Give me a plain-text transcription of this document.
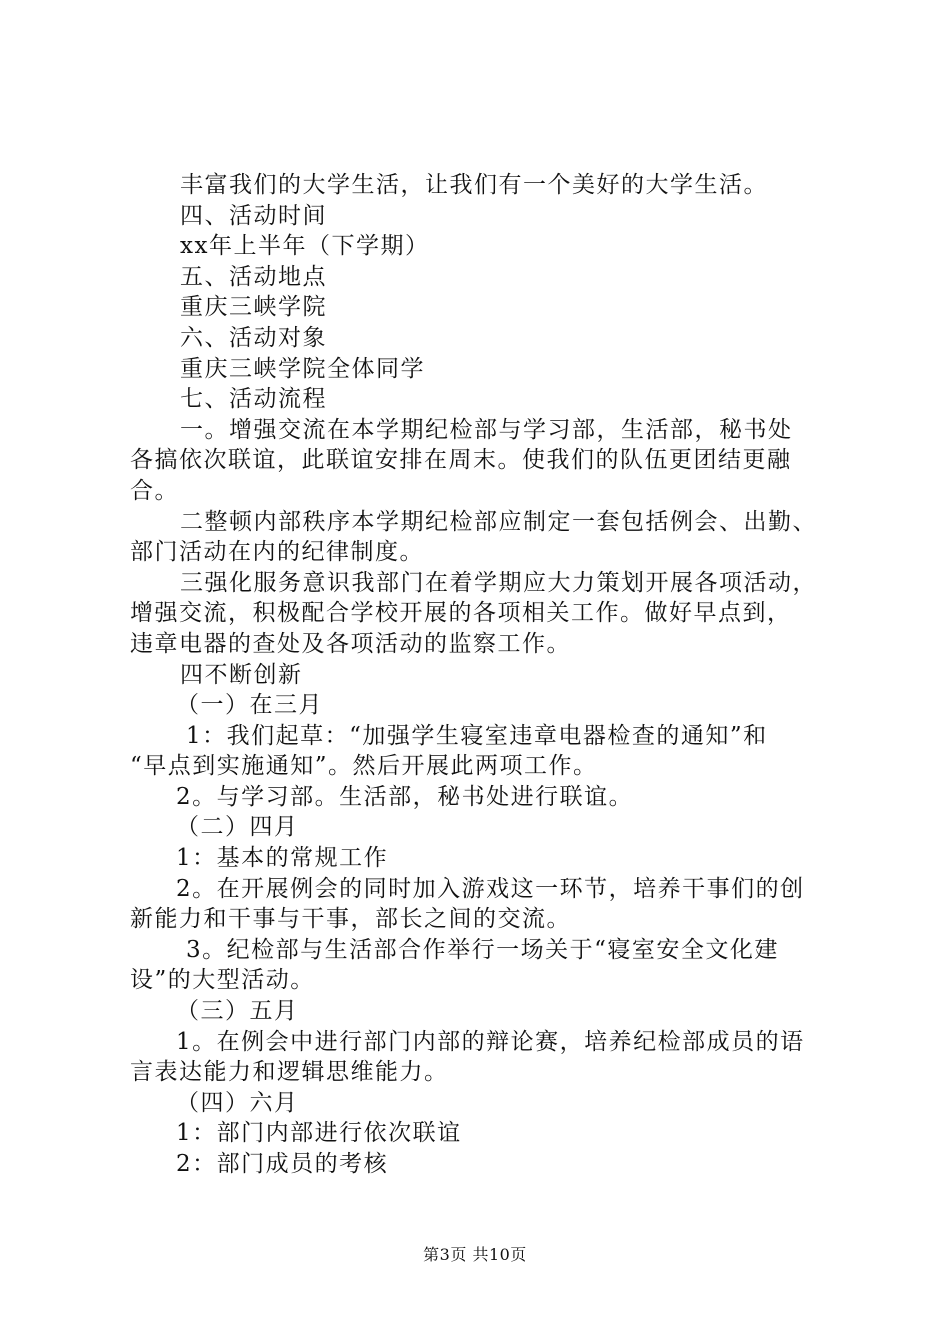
丰富我们的大学生活，让我们有一个美好的大学生活。
四、活动时间
xx年上半年（下学期）
五、活动地点
重庆三峡学院
六、活动对象
重庆三峡学院全体同学
七、活动流程
一。增强交流在本学期纪检部与学习部，生活部，秘书处
各搞依次联谊，此联谊安排在周末。使我们的队伍更团结更融
合。
二整顿内部秩序本学期纪检部应制定一套包括例会、出勤、
部门活动在内的纪律制度。
三强化服务意识我部门在着学期应大力策划开展各项活动，
增强交流，积极配合学校开展的各项相关工作。做好早点到，
违章电器的查处及各项活动的监察工作。
四不断创新
（一）在三月
1：我们起草：“加强学生寝室违章电器检查的通知”和
“早点到实施通知”。然后开展此两项工作。
2。与学习部。生活部，秘书处进行联谊。
（二）四月
1：基本的常规工作
2。在开展例会的同时加入游戏这一环节，培养干事们的创
新能力和干事与干事，部长之间的交流。
3。纪检部与生活部合作举行一场关于“寝室安全文化建
设”的大型活动。
（三）五月
1。在例会中进行部门内部的辩论赛，培养纪检部成员的语
言表达能力和逻辑思维能力。
（四）六月
1：部门内部进行依次联谊
2：部门成员的考核
第3页 共10页
